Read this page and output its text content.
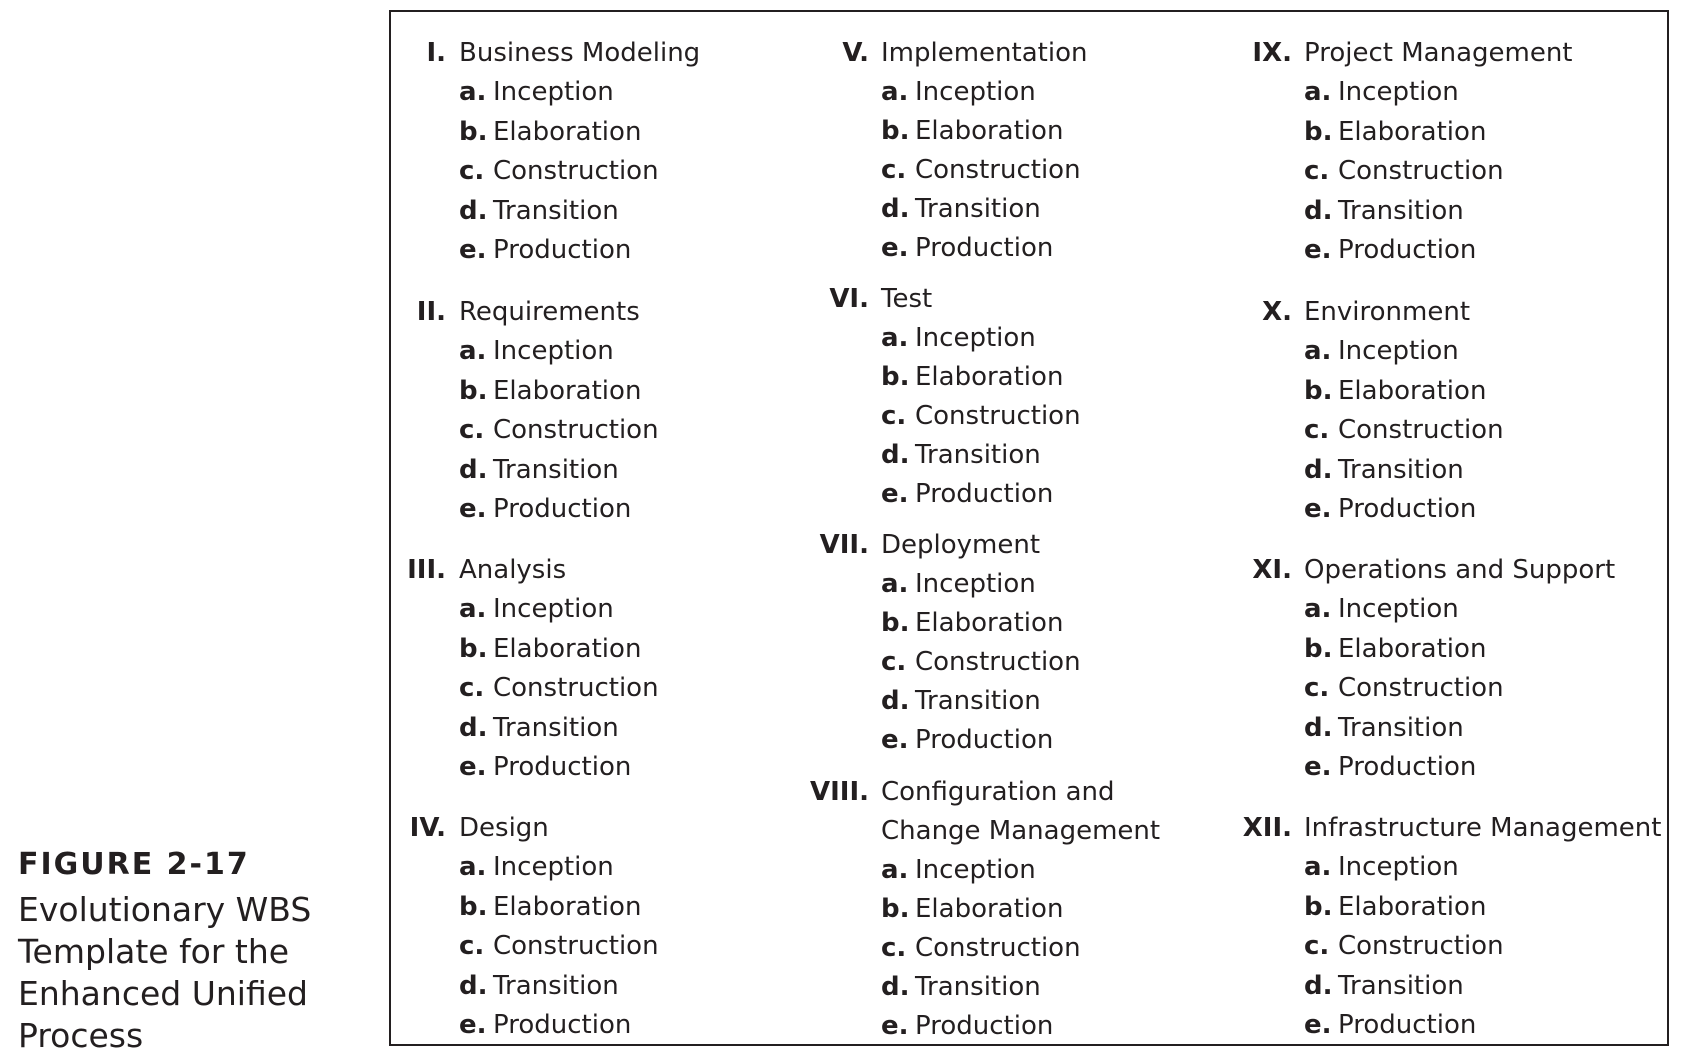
FIGURE 2-17
Evolutionary WBS
Template for the
Enhanced Unified
Process
I. Business Modeling
a. Inception
b. Elaboration
c. Construction
d. Transition
e. Production
II. Requirements
a. Inception
b. Elaboration
c. Construction
d. Transition
e. Production
III. Analysis
a. Inception
b. Elaboration
c. Construction
d. Transition
e. Production
IV. Design
a. Inception
b. Elaboration
c. Construction
d. Transition
e. Production
V. Implementation
a. Inception
b. Elaboration
c. Construction
d. Transition
e. Production
VI. Test
a. Inception
b. Elaboration
c. Construction
d. Transition
e. Production
VII. Deployment
a. Inception
b. Elaboration
c. Construction
d. Transition
e. Production
VIII. Configuration and
Change Management
a. Inception
b. Elaboration
c. Construction
d. Transition
e. Production
IX. Project Management
a. Inception
b. Elaboration
c. Construction
d. Transition
e. Production
X. Environment
a. Inception
b. Elaboration
c. Construction
d. Transition
e. Production
XI. Operations and Support
a. Inception
b. Elaboration
c. Construction
d. Transition
e. Production
XII. Infrastructure Management
a. Inception
b. Elaboration
c. Construction
d. Transition
e. Production
